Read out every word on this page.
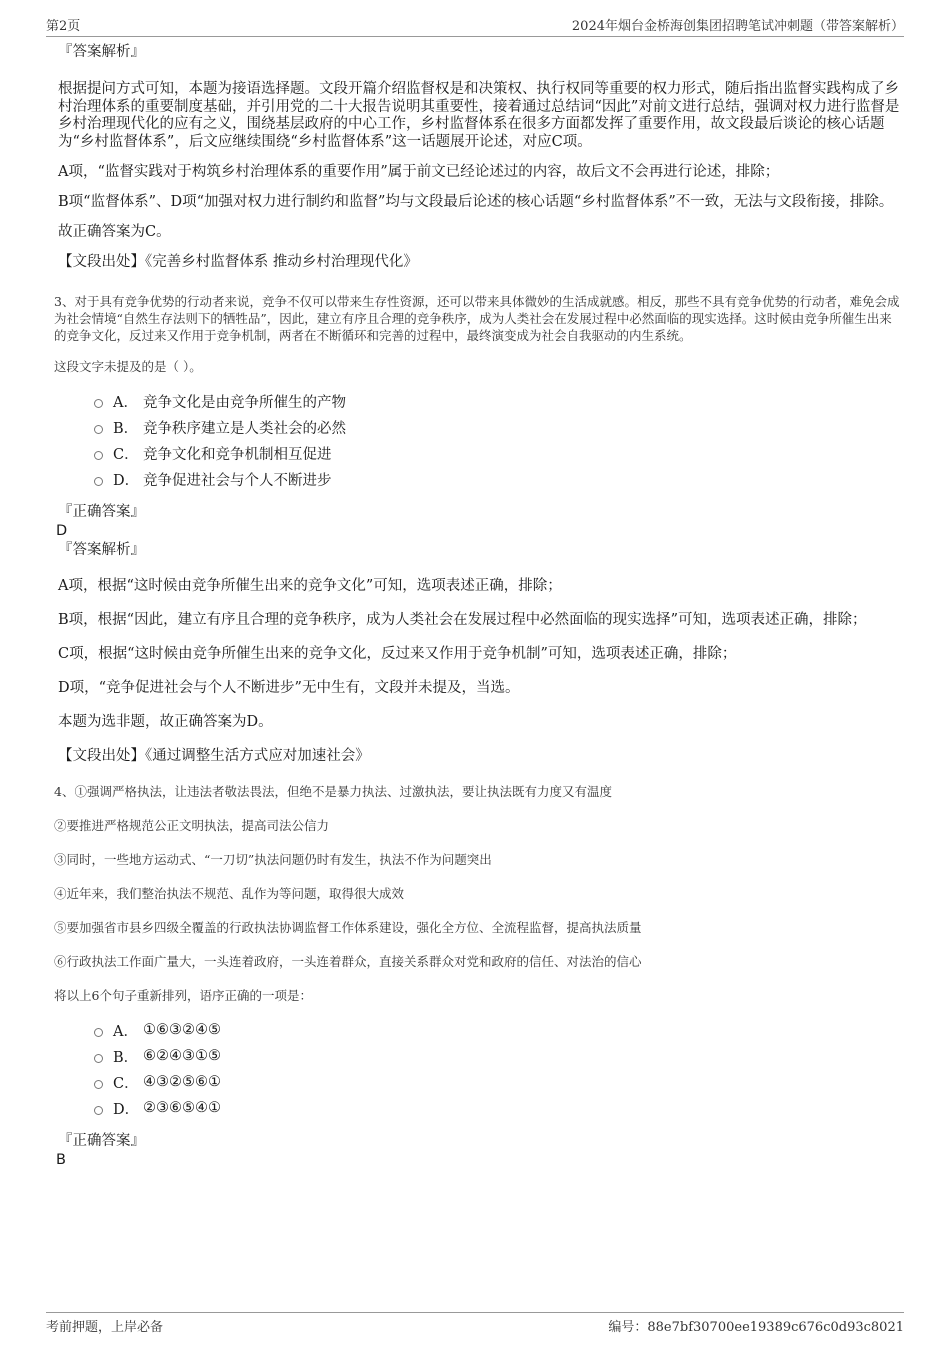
第2页	2024年烟台金桥海创集团招聘笔试冲刺题（带答案解析）
『答案解析』
根据提问方式可知，本题为接语选择题。文段开篇介绍监督权是和决策权、执行权同等重要的权力形式，随后指出监督实践构成了乡村治理体系的重要制度基础，并引用党的二十大报告说明其重要性，接着通过总结词“因此”对前文进行总结，强调对权力进行监督是乡村治理现代化的应有之义，围绕基层政府的中心工作，乡村监督体系在很多方面都发挥了重要作用，故文段最后谈论的核心话题为“乡村监督体系”，后文应继续围绕“乡村监督体系”这一话题展开论述，对应C项。
A项，“监督实践对于构筑乡村治理体系的重要作用”属于前文已经论述过的内容，故后文不会再进行论述，排除；
B项“监督体系”、D项“加强对权力进行制约和监督”均与文段最后论述的核心话题“乡村监督体系”不一致，无法与文段衔接，排除。
故正确答案为C。
【文段出处】《完善乡村监督体系 推动乡村治理现代化》
3、对于具有竞争优势的行动者来说，竞争不仅可以带来生存性资源，还可以带来具体微妙的生活成就感。相反，那些不具有竞争优势的行动者，难免会成为社会情境“自然生存法则下的牺牲品”，因此，建立有序且合理的竞争秩序，成为人类社会在发展过程中必然面临的现实选择。这时候由竞争所催生出来的竞争文化，反过来又作用于竞争机制，两者在不断循环和完善的过程中，最终演变成为社会自我驱动的内生系统。
这段文字未提及的是（ ）。
A． 竞争文化是由竞争所催生的产物
B． 竞争秩序建立是人类社会的必然
C． 竞争文化和竞争机制相互促进
D． 竞争促进社会与个人不断进步
『正确答案』
D
『答案解析』
A项，根据“这时候由竞争所催生出来的竞争文化”可知，选项表述正确，排除；
B项，根据“因此，建立有序且合理的竞争秩序，成为人类社会在发展过程中必然面临的现实选择”可知，选项表述正确，排除；
C项，根据“这时候由竞争所催生出来的竞争文化，反过来又作用于竞争机制”可知，选项表述正确，排除；
D项，“竞争促进社会与个人不断进步”无中生有，文段并未提及，当选。
本题为选非题，故正确答案为D。
【文段出处】《通过调整生活方式应对加速社会》
4、①强调严格执法，让违法者敬法畏法，但绝不是暴力执法、过激执法，要让执法既有力度又有温度
②要推进严格规范公正文明执法，提高司法公信力
③同时，一些地方运动式、“一刀切”执法问题仍时有发生，执法不作为问题突出
④近年来，我们整治执法不规范、乱作为等问题，取得很大成效
⑤要加强省市县乡四级全覆盖的行政执法协调监督工作体系建设，强化全方位、全流程监督，提高执法质量
⑥行政执法工作面广量大，一头连着政府，一头连着群众，直接关系群众对党和政府的信任、对法治的信心
将以上6个句子重新排列，语序正确的一项是：
A． ①⑥③②④⑤
B． ⑥②④③①⑤
C． ④③②⑤⑥①
D． ②③⑥⑤④①
『正确答案』
B
考前押题，上岸必备	编号：88e7bf30700ee19389c676c0d93c8021
